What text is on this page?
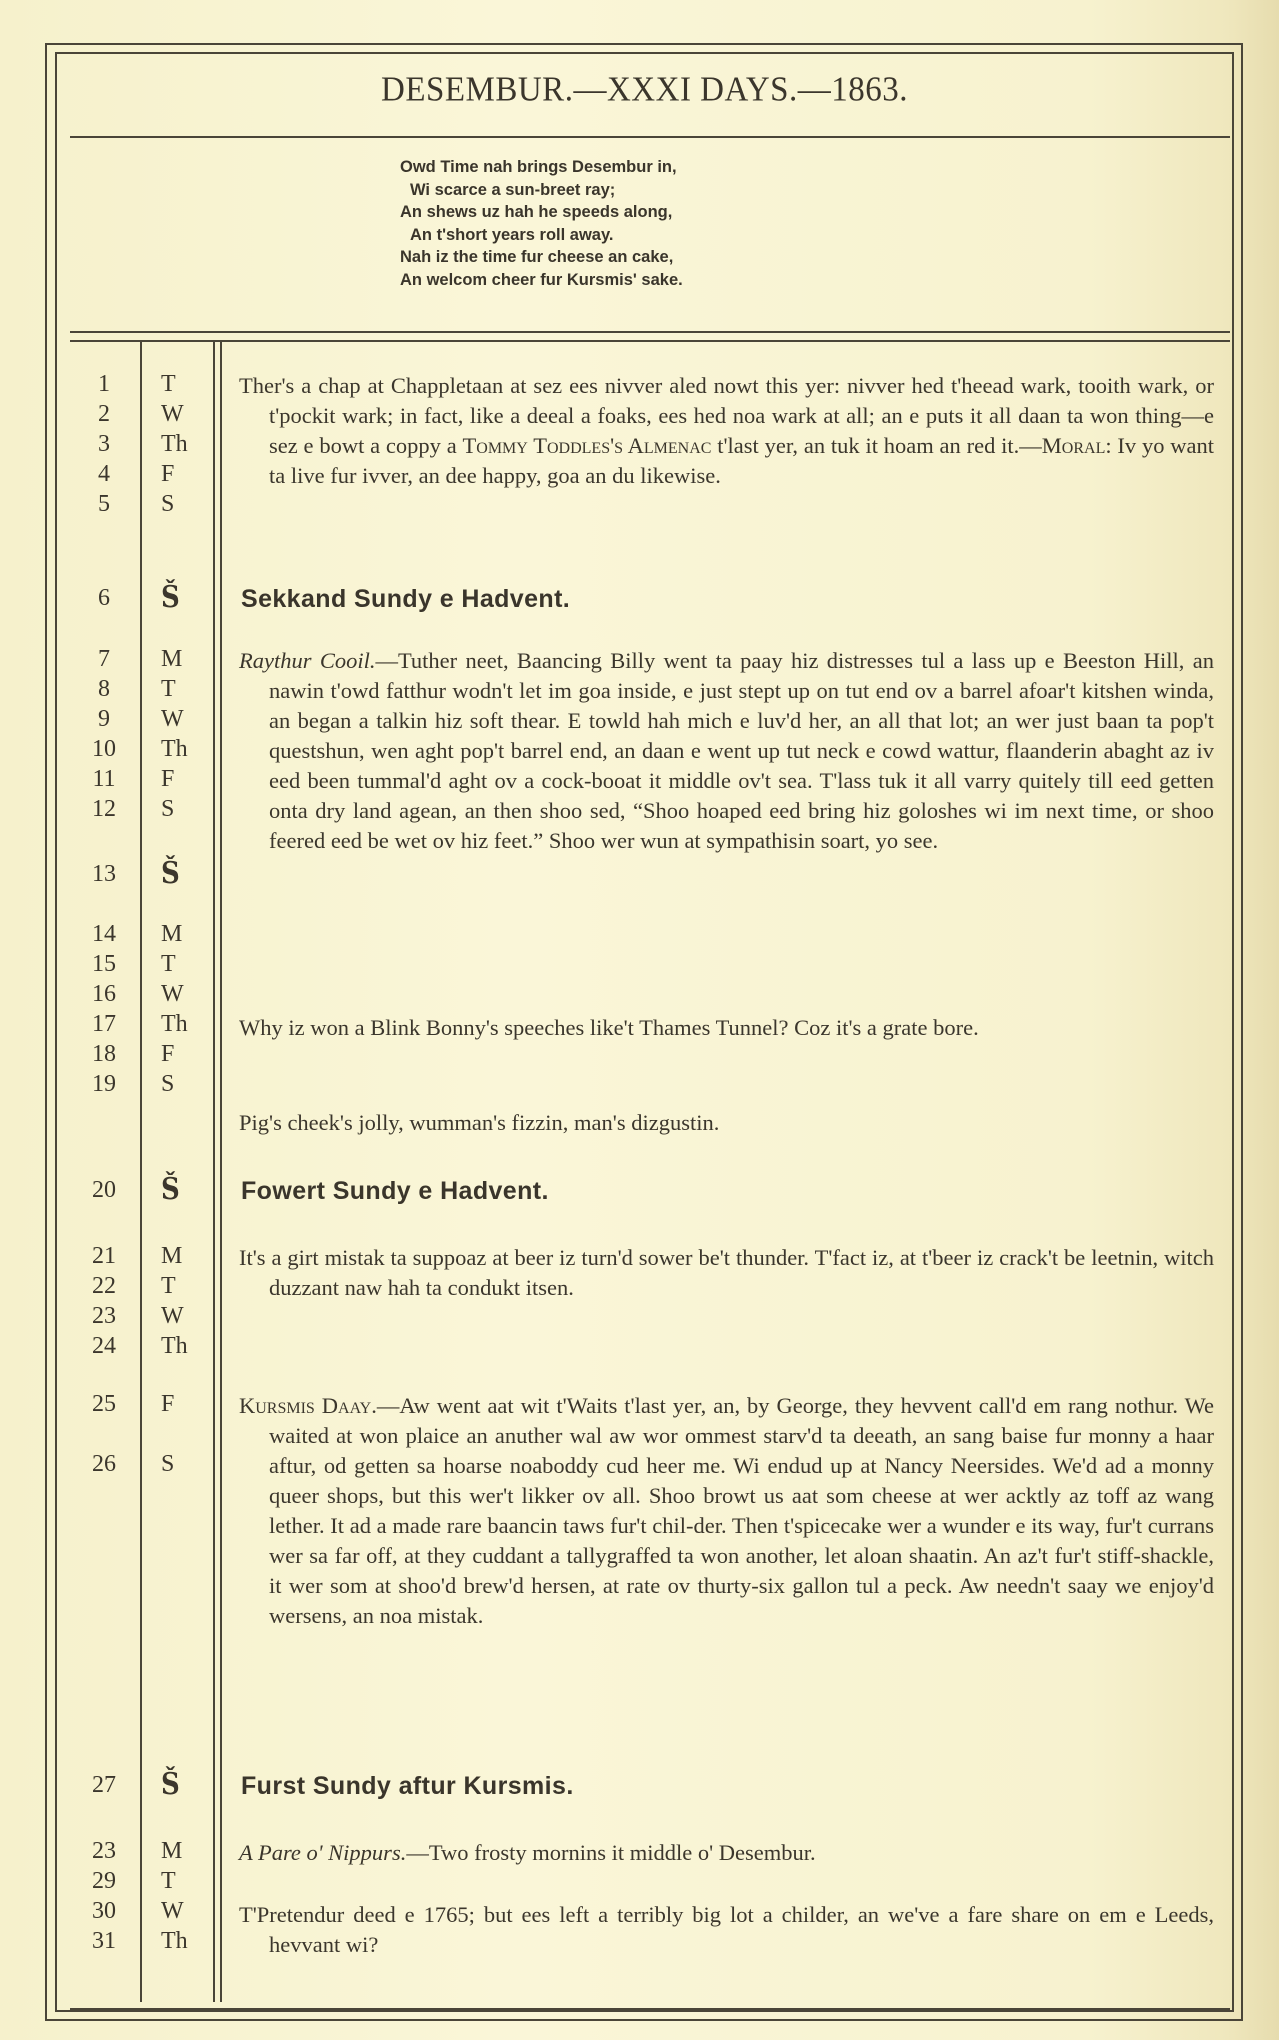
DESEMBUR.—XXXI DAYS.—1863.
Owd Time nah brings Desembur in,
Wi scarce a sun-breet ray;
An shews uz hah he speeds along,
An t'short years roll away.
Nah iz the time fur cheese an cake,
An welcom cheer fur Kursmis' sake.
1	T
2	W
3	Th
4	F
5	S
6	Š
7	M
8	T
9	W
10	Th
11	F
12	S
13	Š
14	M
15	T
16	W
17	Th
18	F
19	S
20	Š
21	M
22	T
23	W
24	Th
25	F
26	S
27	Š
23	M
29	T
30	W
31	Th

Ther's a chap at Chappletaan at sez ees nivver aled nowt this yer: nivver hed t'heead wark, tooith wark, or t'pockit wark; in fact, like a deeal a foaks, ees hed noa wark at all; an e puts it all daan ta won thing—e sez e bowt a coppy a Tommy Toddles's Almenac t'last yer, an tuk it hoam an red it.—Moral: Iv yo want ta live fur ivver, an dee happy, goa an du likewise.

Sekkand Sundy e Hadvent.

Raythur Cooil.—Tuther neet, Baancing Billy went ta paay hiz distresses tul a lass up e Beeston Hill, an nawin t'owd fatthur wodn't let im goa inside, e just stept up on tut end ov a barrel afoar't kitshen winda, an began a talkin hiz soft thear. E towld hah mich e luv'd her, an all that lot; an wer just baan ta pop't questshun, wen aght pop't barrel end, an daan e went up tut neck e cowd wattur, flaanderin abaght az iv eed been tummal'd aght ov a cock-booat it middle ov't sea. T'lass tuk it all varry quitely till eed getten onta dry land agean, an then shoo sed, “Shoo hoaped eed bring hiz goloshes wi im next time, or shoo feered eed be wet ov hiz feet.” Shoo wer wun at sympathisin soart, yo see.

Why iz won a Blink Bonny's speeches like't Thames Tunnel? Coz it's a grate bore.

Pig's cheek's jolly, wumman's fizzin, man's dizgustin.

Fowert Sundy e Hadvent.

It's a girt mistak ta suppoaz at beer iz turn'd sower be't thunder. T'fact iz, at t'beer iz crack't be leetnin, witch duzzant naw hah ta condukt itsen.

Kursmis Daay.—Aw went aat wit t'Waits t'last yer, an, by George, they hevvent call'd em rang nothur. We waited at won plaice an anuther wal aw wor ommest starv'd ta deeath, an sang baise fur monny a haar aftur, od getten sa hoarse noaboddy cud heer me. Wi endud up at Nancy Neersides. We'd ad a monny queer shops, but this wer't likker ov all. Shoo browt us aat som cheese at wer acktly az toff az wang lether. It ad a made rare baancin taws fur't chil-der. Then t'spicecake wer a wunder e its way, fur't currans wer sa far off, at they cuddant a tallygraffed ta won another, let aloan shaatin. An az't fur't stiff-shackle, it wer som at shoo'd brew'd hersen, at rate ov thurty-six gallon tul a peck. Aw needn't saay we enjoy'd wersens, an noa mistak.

Furst Sundy aftur Kursmis.

A Pare o' Nippurs.—Two frosty mornins it middle o' Desembur.

T'Pretendur deed e 1765; but ees left a terribly big lot a childer, an we've a fare share on em e Leeds, hevvant wi?
